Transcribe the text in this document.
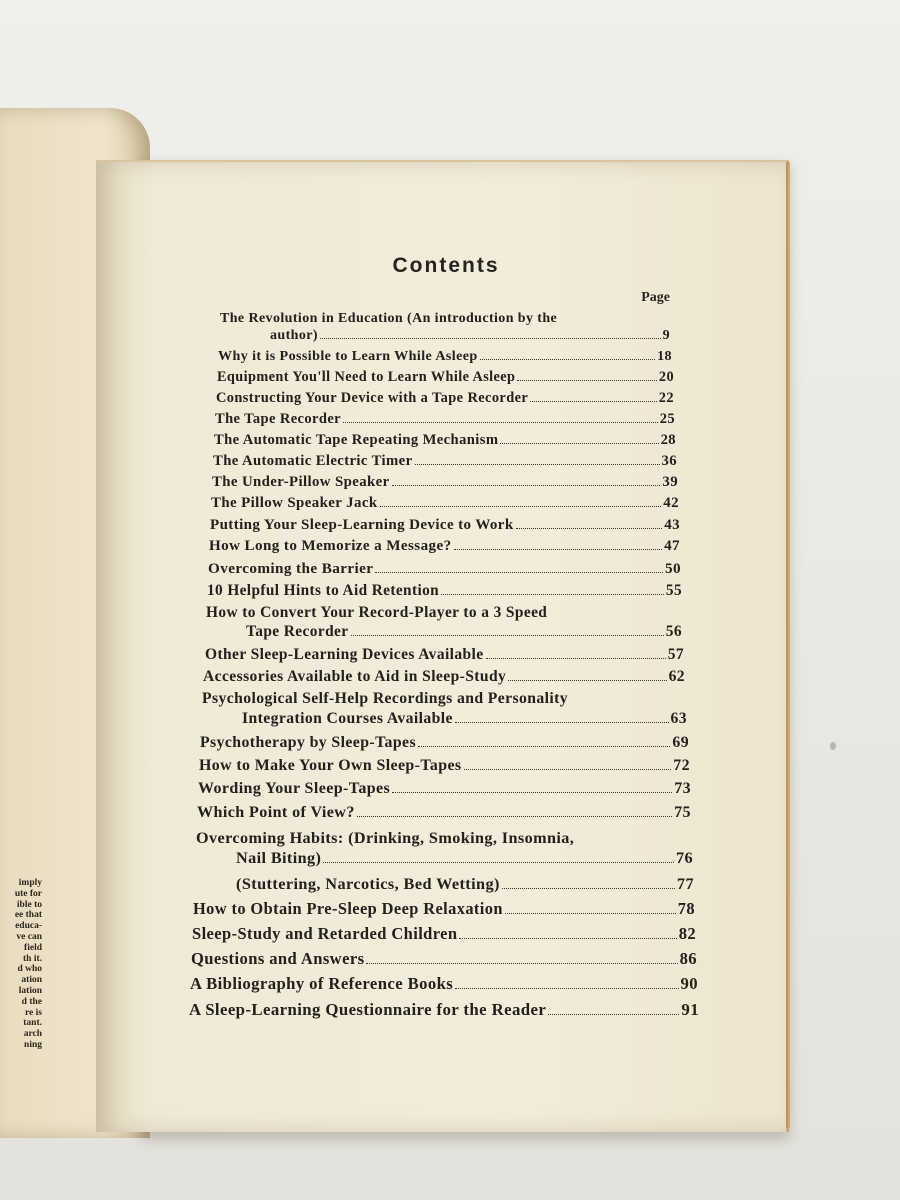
imply
ute for
ible to
ee that
educa-
ve can
field
th it.
d who
ation
lation
d the
re is
tant.
arch
ning
Contents
Page
The Revolution in Education (An introduction by the
author)	9
Why it is Possible to Learn While Asleep	18
Equipment You'll Need to Learn While Asleep	20
Constructing Your Device with a Tape Recorder	22
The Tape Recorder	25
The Automatic Tape Repeating Mechanism	28
The Automatic Electric Timer	36
The Under-Pillow Speaker	39
The Pillow Speaker Jack	42
Putting Your Sleep-Learning Device to Work	43
How Long to Memorize a Message?	47
Overcoming the Barrier	50
10 Helpful Hints to Aid Retention	55
How to Convert Your Record-Player to a 3 Speed
Tape Recorder	56
Other Sleep-Learning Devices Available	57
Accessories Available to Aid in Sleep-Study	62
Psychological Self-Help Recordings and Personality
Integration Courses Available	63
Psychotherapy by Sleep-Tapes	69
How to Make Your Own Sleep-Tapes	72
Wording Your Sleep-Tapes	73
Which Point of View?	75
Overcoming Habits: (Drinking, Smoking, Insomnia,
Nail Biting)	76
(Stuttering, Narcotics, Bed Wetting)	77
How to Obtain Pre-Sleep Deep Relaxation	78
Sleep-Study and Retarded Children	82
Questions and Answers	86
A Bibliography of Reference Books	90
A Sleep-Learning Questionnaire for the Reader	91
